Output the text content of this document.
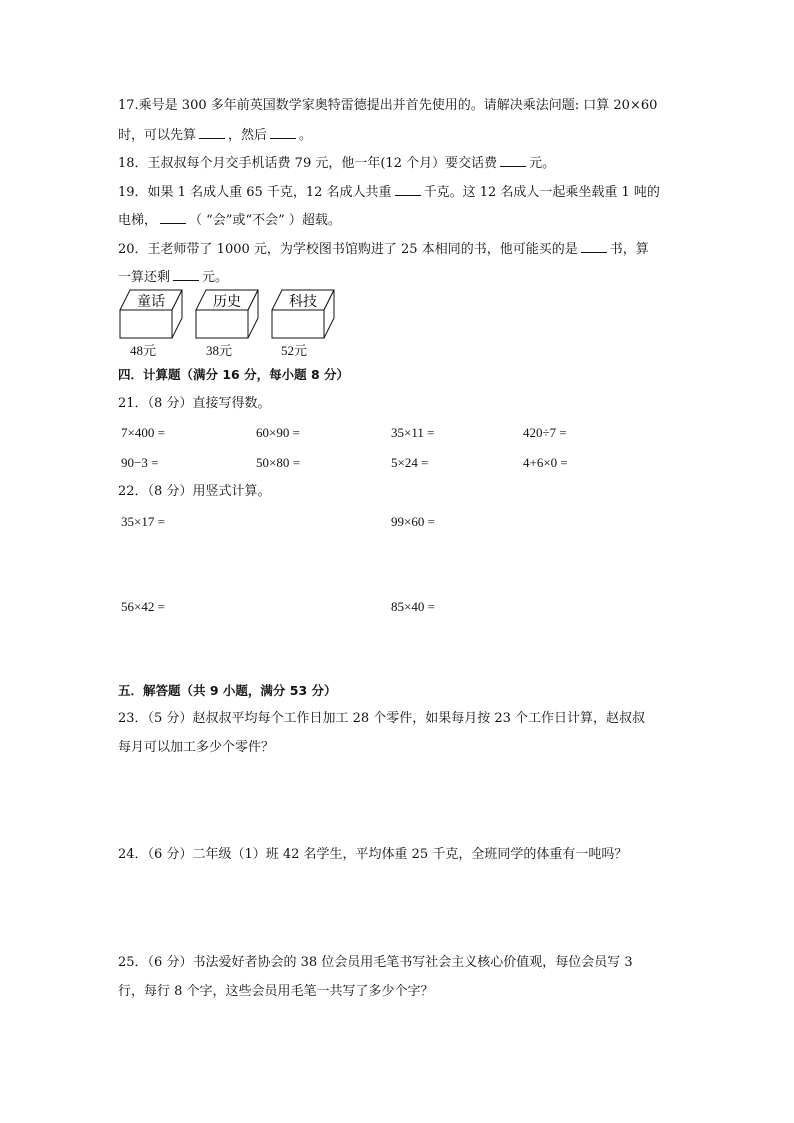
17.乘号是 300 多年前英国数学家奥特雷德提出并首先使用的。请解决乘法问题: 口算 20×60
时，可以先算 ，然后 。
18．王叔叔每个月交手机话费 79 元，他一年(12 个月）要交话费 元。
19．如果 1 名成人重 65 千克，12 名成人共重 千克。这 12 名成人一起乘坐载重 1 吨的
电梯， （ “会”或“不会” ）超载。
20．王老师带了 1000 元，为学校图书馆购进了 25 本相同的书，他可能买的是 书，算
一算还剩 元。
童话	历史	科技
48元	38元	52元
四．计算题（满分 16 分，每小题 8 分）
21．（8 分）直接写得数。
7×400 =	60×90 =	35×11 =	420÷7 =
90−3 =	50×80 =	5×24 =	4+6×0 =
22．（8 分）用竖式计算。
35×17 =	99×60 =
56×42 =	85×40 =
五．解答题（共 9 小题，满分 53 分）
23．（5 分）赵叔叔平均每个工作日加工 28 个零件，如果每月按 23 个工作日计算，赵叔叔
每月可以加工多少个零件？
24．（6 分）二年级（1）班 42 名学生，平均体重 25 千克，全班同学的体重有一吨吗？
25．（6 分）书法爱好者协会的 38 位会员用毛笔书写社会主义核心价值观，每位会员写 3
行，每行 8 个字，这些会员用毛笔一共写了多少个字？
